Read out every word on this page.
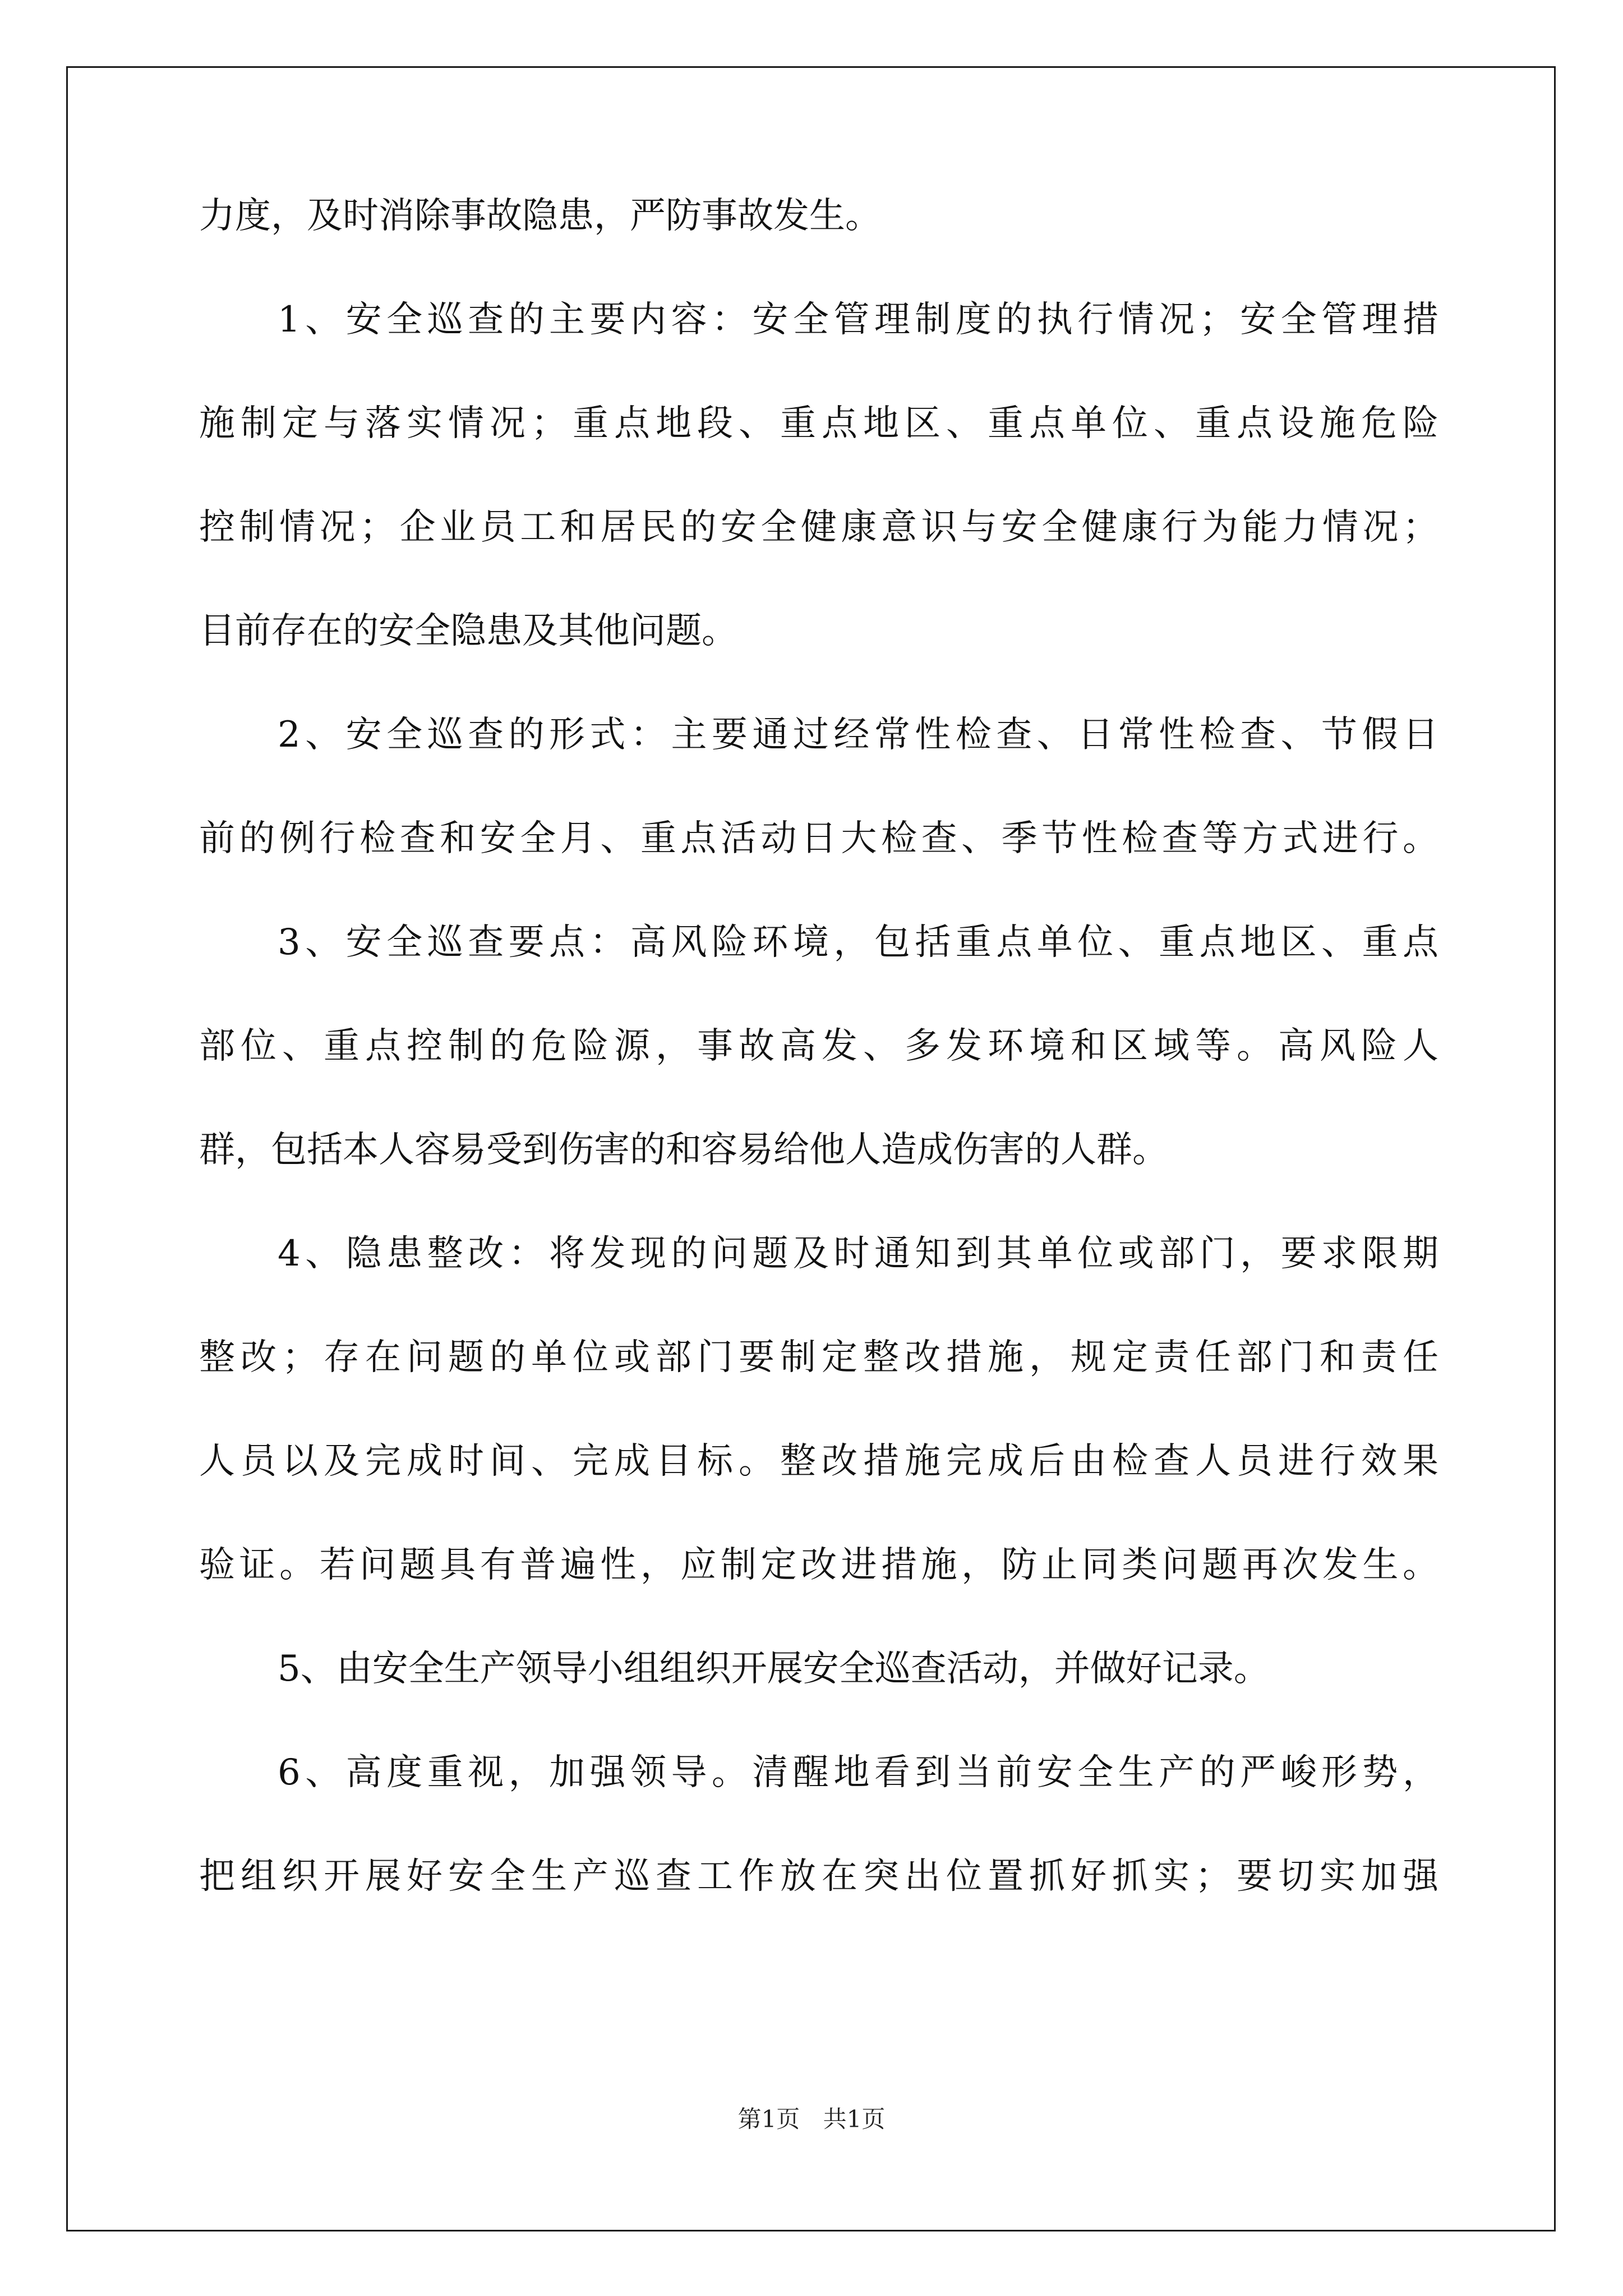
力度，及时消除事故隐患，严防事故发生。
1、安全巡查的主要内容：安全管理制度的执行情况；安全管理措
施制定与落实情况；重点地段、重点地区、重点单位、重点设施危险
控制情况；企业员工和居民的安全健康意识与安全健康行为能力情况；
目前存在的安全隐患及其他问题。
2、安全巡查的形式：主要通过经常性检查、日常性检查、节假日
前的例行检查和安全月、重点活动日大检查、季节性检查等方式进行。
3、安全巡查要点：高风险环境，包括重点单位、重点地区、重点
部位、重点控制的危险源，事故高发、多发环境和区域等。高风险人
群，包括本人容易受到伤害的和容易给他人造成伤害的人群。
4、隐患整改：将发现的问题及时通知到其单位或部门，要求限期
整改；存在问题的单位或部门要制定整改措施，规定责任部门和责任
人员以及完成时间、完成目标。整改措施完成后由检查人员进行效果
验证。若问题具有普遍性，应制定改进措施，防止同类问题再次发生。
5、由安全生产领导小组组织开展安全巡查活动，并做好记录。
6、高度重视，加强领导。清醒地看到当前安全生产的严峻形势，
把组织开展好安全生产巡查工作放在突出位置抓好抓实；要切实加强
第1页 共1页
